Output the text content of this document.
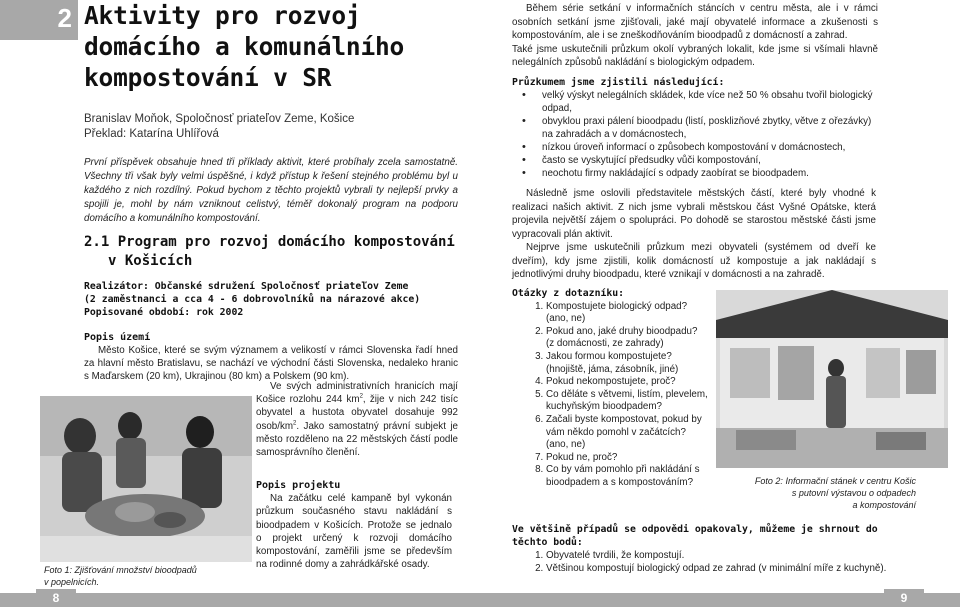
2 Aktivity pro rozvoj
domácího a komunálního
kompostování v SR
Branislav Moňok, Spoločnosť priateľov Zeme, Košice
Překlad: Katarína Uhlířová
První příspěvek obsahuje hned tři příklady aktivit, které probíhaly zcela samostatně. Všechny tři však byly velmi úspěšné, i když přístup k řešení stejného problému byl u každého z nich rozdílný. Pokud bychom z těchto projektů vybrali ty nejlepší prvky a spojili je, mohl by nám vzniknout celistvý, téměř dokonalý program na podporu domácího a komunálního kompostování.
2.1 Program pro rozvoj domácího kompostování
v Košicích
Realizátor: Občanské sdružení Spoločnosť priateľov Zeme
(2 zaměstnanci a cca 4 - 6 dobrovolníků na nárazové akce)
Popisované období: rok 2002
Popis území

Město Košice, které se svým významem a velikostí v rámci Slovenska řadí hned za hlavní město Bratislavu, se nachází ve východní části Slovenska, nedaleko hranic s Maďarskem (20 km), Ukrajinou (80 km) a Polskem (90 km).

Ve svých administrativních hranicích mají Košice rozlohu 244 $km^2$, žije v nich 242 tisíc obyvatel a hustota obyvatel dosahuje 992 osob/$km^2$. Jako samostatný právní subjekt je město rozděleno na 22 městských částí podle samosprávního členění.

Popis projektu

Na začátku celé kampaně byl vykonán průzkum současného stavu nakládání s bioodpadem v Košicích. Protože se jednalo o projekt určený k rozvoji domácího kompostování, zaměřili jsme se především na rodinné domy a zahrádkářské osady.

Foto 1: Zjišťování množství bioodpadů
v popelnicích.
8

Během série setkání v informačních stáncích v centru města, ale i v rámci osobních setkání jsme zjišťovali, jaké mají obyvatelé informace a zkušenosti s kompostováním, ale i se zneškodňováním bioodpadů z domácností a zahrad.

Také jsme uskutečnili průzkum okolí vybraných lokalit, kde jsme si všímali hlavně nelegálních způsobů nakládání s biologickým odpadem.

Průzkumem jsme zjistili následující:
• velký výskyt nelegálních skládek, kde více než 50 % obsahu tvořil biologický odpad,
• obvyklou praxi pálení bioodpadu (listí, posklizňové zbytky, větve z ořezávky) na zahradách a v domácnostech,
• nízkou úroveň informací o způsobech kompostování v domácnostech,
• často se vyskytující předsudky vůči kompostování,
• neochotu firmy nakládající s odpady zaobírat se bioodpadem.

Následně jsme oslovili představitele městských částí, které byly vhodné k realizaci našich aktivit. Z nich jsme vybrali městskou část Vyšné Opátske, která projevila největší zájem o spolupráci. Po dohodě se starostou městské části jsme vypracovali plán aktivit.

Nejprve jsme uskutečnili průzkum mezi obyvateli (systémem od dveří ke dveřím), kdy jsme zjistili, kolik domácností už kompostuje a jak nakládají s jednotlivými druhy bioodpadu, které vznikají v domácnosti a na zahradě.

Otázky z dotazníku:
1. Kompostujete biologický odpad?
(ano, ne)
2. Pokud ano, jaké druhy bioodpadu?
(z domácnosti, ze zahrady)
3. Jakou formou kompostujete?
(hnojiště, jáma, zásobník, jiné)
4. Pokud nekompostujete, proč?
5. Co děláte s větvemi, listím, plevelem, kuchyňským bioodpadem?
6. Začali byste kompostovat, pokud by vám někdo pomohl v začátcích?
(ano, ne)
7. Pokud ne, proč?
8. Co by vám pomohlo při nakládání s bioodpadem a s kompostováním?	Foto 2: Informační stánek v centru Košic
s putovní výstavou o odpadech
a kompostování
Ve většině případů se odpovědi opakovaly, můžeme je shrnout do těchto bodů:
1. Obyvatelé tvrdili, že kompostují.
2. Většinou kompostují biologický odpad ze zahrad (v minimální míře z kuchyně).
9
